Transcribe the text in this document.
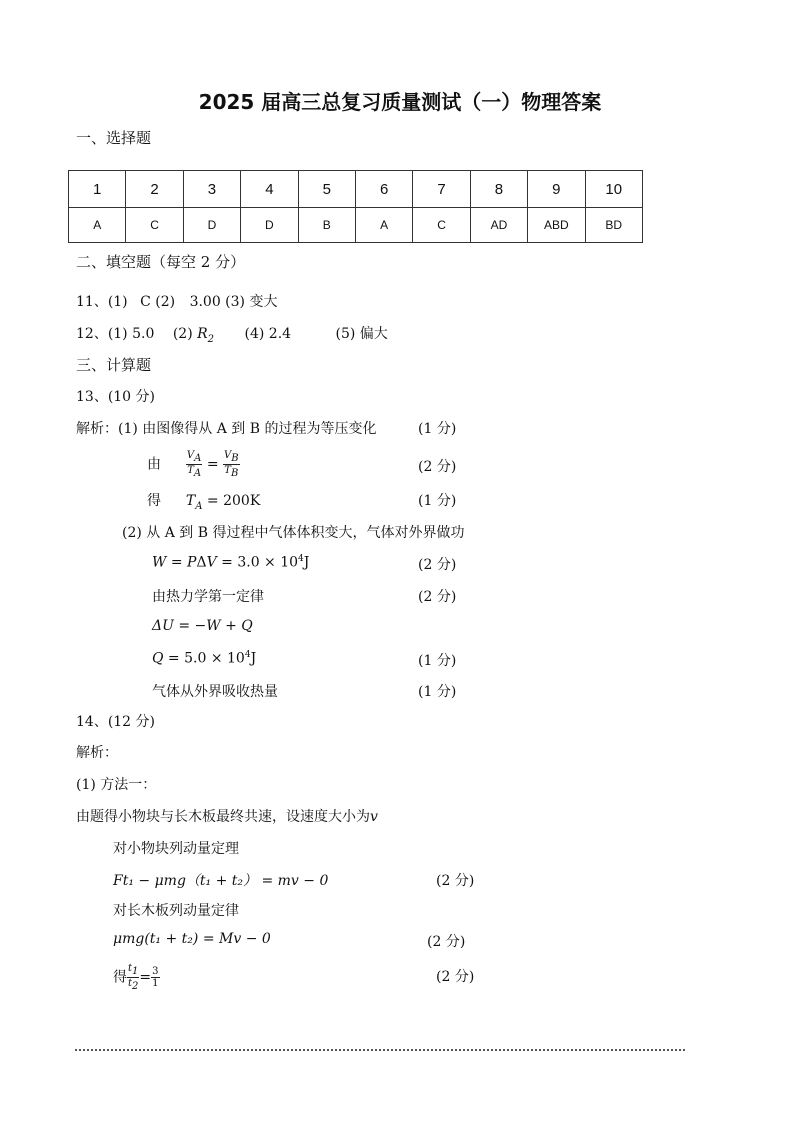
2025 届高三总复习质量测试（一）物理答案
一、选择题
1	2	3	4	5	6	7	8	9	10
A	C	D	D	B	A	C	AD	ABD	BD
二、填空题（每空 2 分）
11、(1) C (2) 3.00 (3) 变大
12、(1) 5.0 (2) $R_2$ (4) 2.4	(5) 偏大
三、计算题
13、(10 分)
解析：(1) 由图像得从 A 到 B 的过程为等压变化	(1 分)
由 $\frac{V_A}{T_A} = \frac{V_B}{T_B}$	(2 分)
得 $T_A = 200K$	(1 分)
(2) 从 A 到 B 得过程中气体体积变大，气体对外界做功
$W = P\Delta V = 3.0 \times 10^4J$	(2 分)
由热力学第一定律	(2 分)
ΔU = −W + Q
$Q = 5.0 \times 10^4J$	(1 分)
气体从外界吸收热量	(1 分)
14、(12 分)
解析：
(1) 方法一：
由题得小物块与长木板最终共速，设速度大小为v
对小物块列动量定理
Ft₁ − μmg（t₁ + t₂） = mv − 0	(2 分)
对长木板列动量定律
μmg(t₁ + t₂) = Mv − 0	(2 分)
得 $\frac{t_1}{t_2} = \frac{3}{1}$	(2 分)
